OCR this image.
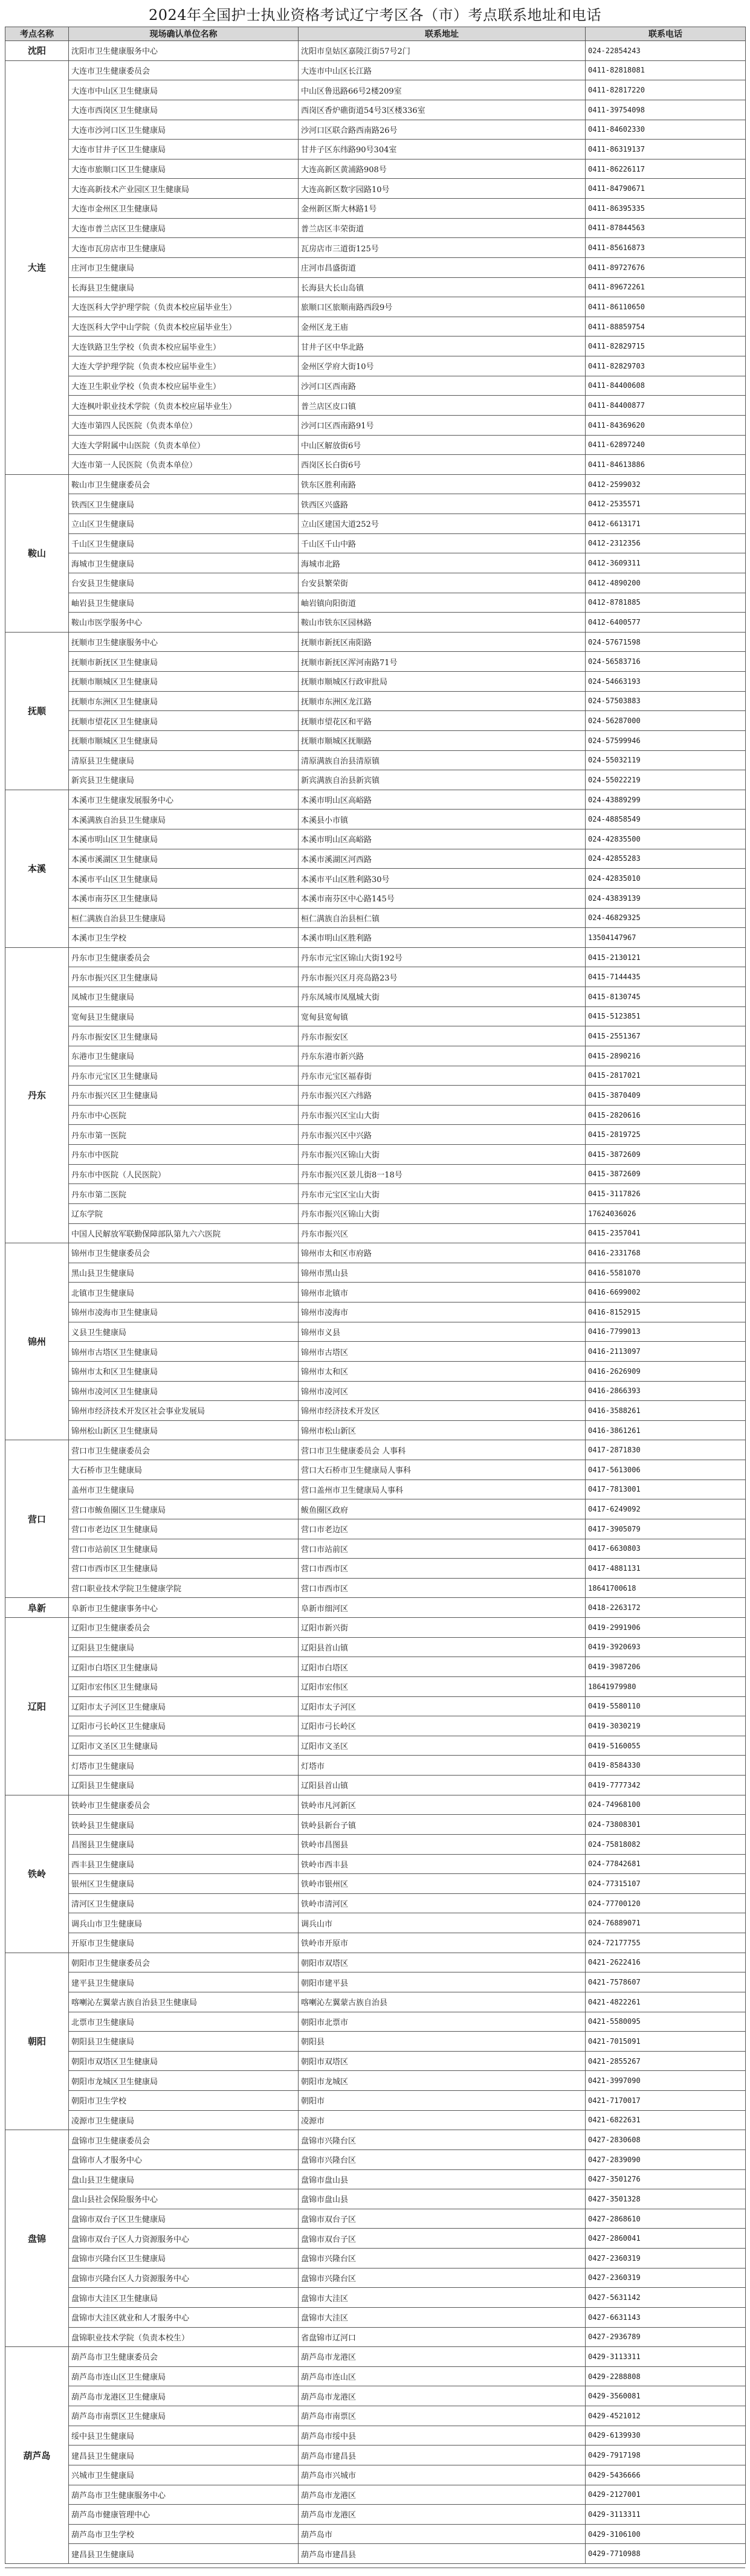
2024年全国护士执业资格考试辽宁考区各（市）考点联系地址和电话
考点名称	现场确认单位名称	联系地址	联系电话
沈阳	沈阳市卫生健康服务中心	沈阳市皇姑区嘉陵江街57号2门	024-22854243
大连	大连市卫生健康委员会	大连市中山区长江路	0411-82818081
	大连市中山区卫生健康局	中山区鲁迅路66号2楼209室	0411-82817220
	大连市西岗区卫生健康局	西岗区香炉礁街道54号3区楼336室	0411-39754098
	大连市沙河口区卫生健康局	沙河口区联合路西南路26号	0411-84602330
	大连市甘井子区卫生健康局	甘井子区东纬路90号304室	0411-86319137
	大连市旅顺口区卫生健康局	大连高新区黄浦路908号	0411-86226117
	大连高新技术产业园区卫生健康局	大连高新区数字园路10号	0411-84790671
	大连市金州区卫生健康局	金州新区斯大林路1号	0411-86395335
	大连市普兰店区卫生健康局	普兰店区丰荣街道	0411-87844563
	大连市瓦房店市卫生健康局	瓦房店市三道街125号	0411-85616873
	庄河市卫生健康局	庄河市昌盛街道	0411-89727676
	长海县卫生健康局	长海县大长山岛镇	0411-89672261
	大连医科大学护理学院（负责本校应届毕业生）	旅顺口区旅顺南路西段9号	0411-86110650
	大连医科大学中山学院（负责本校应届毕业生）	金州区龙王庙	0411-88859754
	大连铁路卫生学校（负责本校应届毕业生）	甘井子区中华北路	0411-82829715
	大连大学护理学院（负责本校应届毕业生）	金州区学府大街10号	0411-82829703
	大连卫生职业学校（负责本校应届毕业生）	沙河口区西南路	0411-84400608
	大连枫叶职业技术学院（负责本校应届毕业生）	普兰店区皮口镇	0411-84400877
	大连市第四人民医院（负责本单位）	沙河口区西南路91号	0411-84369620
	大连大学附属中山医院（负责本单位）	中山区解放街6号	0411-62897240
	大连市第一人民医院（负责本单位）	西岗区长白街6号	0411-84613886
鞍山	鞍山市卫生健康委员会	铁东区胜利南路	0412-2599032
	铁西区卫生健康局	铁西区兴盛路	0412-2535571
	立山区卫生健康局	立山区建国大道252号	0412-6613171
	千山区卫生健康局	千山区千山中路	0412-2312356
	海城市卫生健康局	海城市北路	0412-3609311
	台安县卫生健康局	台安县繁荣街	0412-4890200
	岫岩县卫生健康局	岫岩镇向阳街道	0412-8781885
	鞍山市医学服务中心	鞍山市铁东区园林路	0412-6400577
抚顺	抚顺市卫生健康服务中心	抚顺市新抚区南阳路	024-57671598
	抚顺市新抚区卫生健康局	抚顺市新抚区浑河南路71号	024-56583716
	抚顺市顺城区卫生健康局	抚顺市顺城区行政审批局	024-54663193
	抚顺市东洲区卫生健康局	抚顺市东洲区龙江路	024-57503883
	抚顺市望花区卫生健康局	抚顺市望花区和平路	024-56287000
	抚顺市顺城区卫生健康局	抚顺市顺城区抚顺路	024-57599946
	清原县卫生健康局	清原满族自治县清原镇	024-55032119
	新宾县卫生健康局	新宾满族自治县新宾镇	024-55022219
本溪	本溪市卫生健康发展服务中心	本溪市明山区高峪路	024-43889299
	本溪满族自治县卫生健康局	本溪县小市镇	024-48858549
	本溪市明山区卫生健康局	本溪市明山区高峪路	024-42835500
	本溪市溪湖区卫生健康局	本溪市溪湖区河西路	024-42855283
	本溪市平山区卫生健康局	本溪市平山区胜利路30号	024-42835010
	本溪市南芬区卫生健康局	本溪市南芬区中心路145号	024-43839139
	桓仁满族自治县卫生健康局	桓仁满族自治县桓仁镇	024-46829325
	本溪市卫生学校	本溪市明山区胜利路	13504147967
丹东	丹东市卫生健康委员会	丹东市元宝区锦山大街192号	0415-2130121
	丹东市振兴区卫生健康局	丹东市振兴区月亮岛路23号	0415-7144435
	凤城市卫生健康局	丹东凤城市凤凰城大街	0415-8130745
	宽甸县卫生健康局	宽甸县宽甸镇	0415-5123851
	丹东市振安区卫生健康局	丹东市振安区	0415-2551367
	东港市卫生健康局	丹东东港市新兴路	0415-2890216
	丹东市元宝区卫生健康局	丹东市元宝区福春街	0415-2817021
	丹东市振兴区卫生健康局	丹东市振兴区六纬路	0415-3870409
	丹东市中心医院	丹东市振兴区宝山大街	0415-2820616
	丹东市第一医院	丹东市振兴区中兴路	0415-2819725
	丹东市中医院	丹东市振兴区锦山大街	0415-3872609
	丹东市中医院（人民医院）	丹东市振兴区景儿街8一18号	0415-3872609
	丹东市第二医院	丹东市元宝区宝山大街	0415-3117826
	辽东学院	丹东市振兴区锦山大街	17624036026
	中国人民解放军联勤保障部队第九六六医院	丹东市振兴区	0415-2357041
锦州	锦州市卫生健康委员会	锦州市太和区市府路	0416-2331768
	黑山县卫生健康局	锦州市黑山县	0416-5581070
	北镇市卫生健康局	锦州市北镇市	0416-6699002
	锦州市凌海市卫生健康局	锦州市凌海市	0416-8152915
	义县卫生健康局	锦州市义县	0416-7799013
	锦州市古塔区卫生健康局	锦州市古塔区	0416-2113097
	锦州市太和区卫生健康局	锦州市太和区	0416-2626909
	锦州市凌河区卫生健康局	锦州市凌河区	0416-2866393
	锦州市经济技术开发区社会事业发展局	锦州市经济技术开发区	0416-3588261
	锦州松山新区卫生健康局	锦州市松山新区	0416-3861261
营口	营口市卫生健康委员会	营口市卫生健康委员会 人事科	0417-2871830
	大石桥市卫生健康局	营口大石桥市卫生健康局人事科	0417-5613006
	盖州市卫生健康局	营口盖州市卫生健康局人事科	0417-7813001
	营口市鲅鱼圈区卫生健康局	鲅鱼圈区政府	0417-6249092
	营口市老边区卫生健康局	营口市老边区	0417-3905079
	营口市站前区卫生健康局	营口市站前区	0417-6630803
	营口市西市区卫生健康局	营口市西市区	0417-4881131
	营口职业技术学院卫生健康学院	营口市西市区	18641700618
阜新	阜新市卫生健康事务中心	阜新市细河区	0418-2263172
辽阳	辽阳市卫生健康委员会	辽阳市新兴街	0419-2991906
	辽阳县卫生健康局	辽阳县首山镇	0419-3920693
	辽阳市白塔区卫生健康局	辽阳市白塔区	0419-3987206
	辽阳市宏伟区卫生健康局	辽阳市宏伟区	18641979980
	辽阳市太子河区卫生健康局	辽阳市太子河区	0419-5580110
	辽阳市弓长岭区卫生健康局	辽阳市弓长岭区	0419-3030219
	辽阳市文圣区卫生健康局	辽阳市文圣区	0419-5160055
	灯塔市卫生健康局	灯塔市	0419-8584330
	辽阳县卫生健康局	辽阳县首山镇	0419-7777342
铁岭	铁岭市卫生健康委员会	铁岭市凡河新区	024-74968100
	铁岭县卫生健康局	铁岭县新台子镇	024-73808301
	昌图县卫生健康局	铁岭市昌图县	024-75818082
	西丰县卫生健康局	铁岭市西丰县	024-77842681
	银州区卫生健康局	铁岭市银州区	024-77315107
	清河区卫生健康局	铁岭市清河区	024-77700120
	调兵山市卫生健康局	调兵山市	024-76889071
	开原市卫生健康局	铁岭市开原市	024-72177755
朝阳	朝阳市卫生健康委员会	朝阳市双塔区	0421-2622416
	建平县卫生健康局	朝阳市建平县	0421-7578607
	喀喇沁左翼蒙古族自治县卫生健康局	喀喇沁左翼蒙古族自治县	0421-4822261
	北票市卫生健康局	朝阳市北票市	0421-5580095
	朝阳县卫生健康局	朝阳县	0421-7015091
	朝阳市双塔区卫生健康局	朝阳市双塔区	0421-2855267
	朝阳市龙城区卫生健康局	朝阳市龙城区	0421-3997090
	朝阳市卫生学校	朝阳市	0421-7170017
	凌源市卫生健康局	凌源市	0421-6822631
盘锦	盘锦市卫生健康委员会	盘锦市兴隆台区	0427-2830608
	盘锦市人才服务中心	盘锦市兴隆台区	0427-2839090
	盘山县卫生健康局	盘锦市盘山县	0427-3501276
	盘山县社会保险服务中心	盘锦市盘山县	0427-3501328
	盘锦市双台子区卫生健康局	盘锦市双台子区	0427-2868610
	盘锦市双台子区人力资源服务中心	盘锦市双台子区	0427-2860041
	盘锦市兴隆台区卫生健康局	盘锦市兴隆台区	0427-2360319
	盘锦市兴隆台区人力资源服务中心	盘锦市兴隆台区	0427-2360319
	盘锦市大洼区卫生健康局	盘锦市大洼区	0427-5631142
	盘锦市大洼区就业和人才服务中心	盘锦市大洼区	0427-6631143
	盘锦职业技术学院（负责本校生）	省盘锦市辽河口	0427-2936789
葫芦岛	葫芦岛市卫生健康委员会	葫芦岛市龙港区	0429-3113311
	葫芦岛市连山区卫生健康局	葫芦岛市连山区	0429-2288808
	葫芦岛市龙港区卫生健康局	葫芦岛市龙港区	0429-3560081
	葫芦岛市南票区卫生健康局	葫芦岛市南票区	0429-4521012
	绥中县卫生健康局	葫芦岛市绥中县	0429-6139930
	建昌县卫生健康局	葫芦岛市建昌县	0429-7917198
	兴城市卫生健康局	葫芦岛市兴城市	0429-5436666
	葫芦岛市卫生健康服务中心	葫芦岛市龙港区	0429-2127001
	葫芦岛市健康管理中心	葫芦岛市龙港区	0429-3113311
	葫芦岛市卫生学校	葫芦岛市	0429-3106100
	建昌县卫生健康局	葫芦岛市建昌县	0429-7710988
